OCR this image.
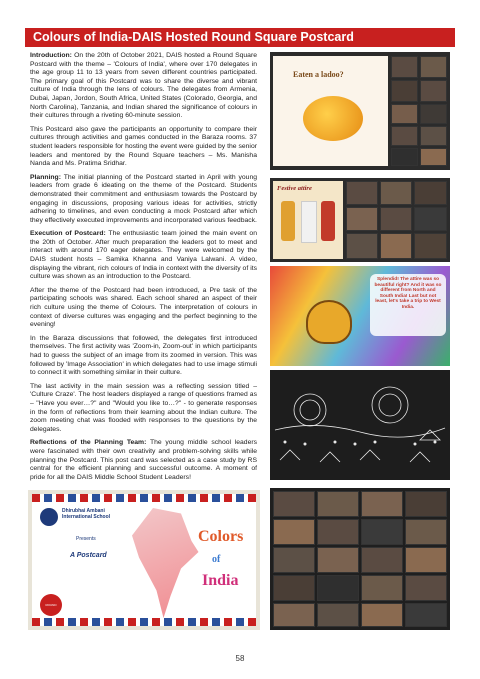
Colours of India-DAIS Hosted Round Square Postcard

Introduction: On the 20th of October 2021, DAIS hosted a Round Square Postcard with the theme – 'Colours of India', where over 170 delegates in the age group 11 to 13 years from seven different countries participated. The primary goal of this Postcard was to share the diverse and vibrant culture of India through the lens of colours. The delegates from Armenia, Dubai, Japan, Jordon, South Africa, United States (Colorado, Georgia, and North Carolina), Tanzania, and Indian shared the significance of colours in their cultures through a riveting 60-minute session.

This Postcard also gave the participants an opportunity to compare their cultures through activities and games conducted in the Baraza rooms. 37 student leaders responsible for hosting the event were guided by the senior leaders and mentored by the Round Square teachers – Ms. Manisha Nanda and Ms. Pratima Sridhar.

Planning: The initial planning of the Postcard started in April with young leaders from grade 6 ideating on the theme of the Postcard. Students demonstrated their commitment and enthusiasm towards the Postcard by engaging in discussions, proposing various ideas for activities, strictly adhering to timelines, and even conducting a mock Postcard after which they effectively executed improvements and incorporated various feedback.

Execution of Postcard: The enthusiastic team joined the main event on the 20th of October. After much preparation the leaders got to meet and interact with around 170 eager delegates. They were welcomed by the DAIS student hosts – Samika Khanna and Vaniya Lalwani. A video, displaying the vibrant, rich colours of India in context with the diversity of its culture was shown as an introduction to the Postcard.

After the theme of the Postcard had been introduced, a Pre task of the participating schools was shared. Each school shared an aspect of their rich culture using the theme of Colours. The interpretation of colours in context of diverse cultures was engaging and the perfect beginning to the evening!

In the Baraza discussions that followed, the delegates first introduced themselves. The first activity was 'Zoom-in, Zoom-out' in which participants had to guess the subject of an image from its zoomed in version. This was followed by 'Image Association' in which delegates had to use image stimuli to connect it with something similar in their culture.

The last activity in the main session was a reflecting session titled – 'Culture Craze'. The host leaders displayed a range of questions framed as – "Have you ever…?" and "Would you like to…?" - to generate responses in the form of reflections from their learning about the Indian culture. The zoom meeting chat was flooded with responses to the questions by the delegates.

Reflections of the Planning Team: The young middle school leaders were fascinated with their own creativity and problem-solving skills while planning the Postcard. This post card was selected as a case study by RS central for the efficient planning and successful outcome. A moment of pride for all the DAIS Middle School Student Leaders!

Eaten a ladoo?
Festive attire
Splendid! The attire was so beautiful right? And it was so different from North and South India! Last but not least, let's take a trip to West India.
Dhirubhai Ambani International School
Presents
A Postcard
ROUND SQUARE
Colors
of
India
58
